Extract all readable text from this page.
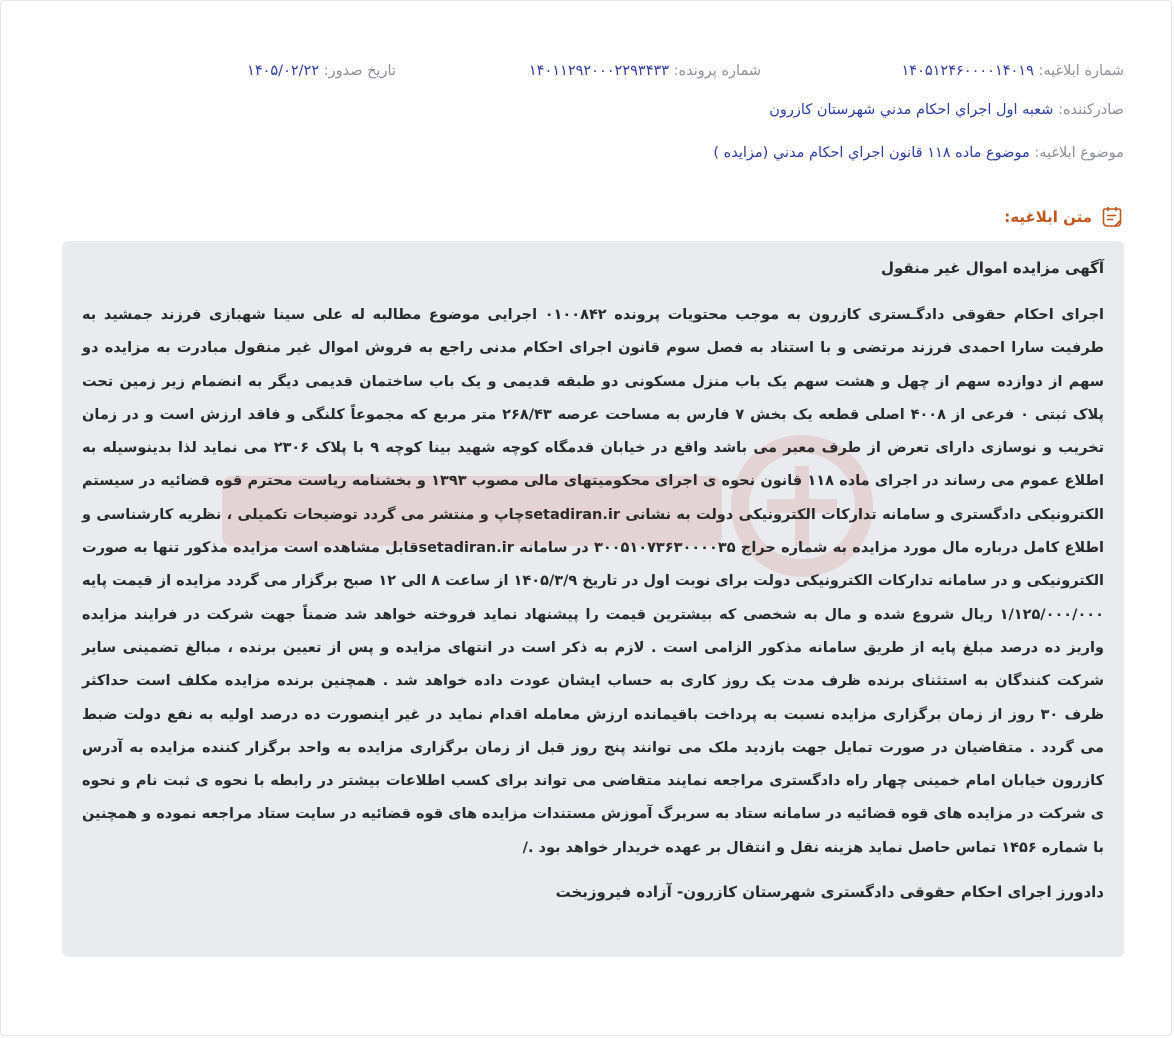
شماره ابلاغيه: ۱۴۰۵۱۲۴۶۰۰۰۰۱۴۰۱۹
شماره پرونده: ۱۴۰۱۱۲۹۲۰۰۰۲۲۹۳۴۳۳
تاریخ صدور: ۱۴۰۵/۰۲/۲۲
صادرکننده: شعبه اول اجراي احكام مدني شهرستان كازرون
موضوع ابلاغيه: موضوع ماده ۱۱۸ قانون اجراي احكام مدني (مزايده )
متن ابلاغیه:
آگهی مزایده اموال غیر منقول

اجرای احکام حقوقی دادگـستری کازرون به موجب محتویات پرونده ۰۱۰۰۸۴۲ اجرایی موضوع مطالبه له علی سینا شهبازی فرزند جمشید به طرفیت سارا احمدی فرزند مرتضی و با استناد به فصل سوم قانون اجرای احکام مدنی راجع به فروش اموال غیر منقول مبادرت به مزایده دو سهم از دوازده سهم از چهل و هشت سهم یک باب منزل مسکونی دو طبقه قدیمی و یک باب ساختمان قدیمی دیگر به انضمام زیر زمین تحت پلاک ثبتی ۰ فرعی از ۴۰۰۸ اصلی قطعه یک بخش ۷ فارس به مساحت عرصه ۲۶۸/۴۳ متر مربع که مجموعاً کلنگی و فاقد ارزش است و در زمان تخریب و نوسازی دارای تعرض از طرف معبر می باشد واقع در خیابان قدمگاه کوچه شهید بینا کوچه ۹ با پلاک ۲۳۰۶ می نماید لذا بدینوسیله به اطلاع عموم می رساند در اجرای ماده ۱۱۸ قانون نحوه ی اجرای محکومیتهای مالی مصوب ۱۳۹۳ و بخشنامه ریاست محترم قوه قضائیه در سیستم الکترونیکی دادگستری و سامانه تدارکات الکترونیکی دولت به نشانی setadiran.irچاپ و منتشر می گردد توضیحات تکمیلی ، نظریه کارشناسی و اطلاع کامل درباره مال مورد مزایده به شماره حراج ۳۰۰۵۱۰۷۳۶۳۰۰۰۰۳۵ در سامانه setadiran.irقابل مشاهده است مزایده مذکور تنها به صورت الکترونیکی و در سامانه تدارکات الکترونیکی دولت برای نوبت اول در تاریخ ۱۴۰۵/۳/۹ از ساعت ۸ الی ۱۲ صبح برگزار می گردد مزایده از قیمت پایه ۱/۱۲۵/۰۰۰/۰۰۰ ریال شروع شده و مال به شخصی که بیشترین قیمت را پیشنهاد نماید فروخته خواهد شد ضمناً جهت شرکت در فرایند مزایده واریز ده درصد مبلغ پایه از طریق سامانه مذکور الزامی است . لازم به ذکر است در انتهای مزایده و پس از تعیین برنده ، مبالغ تضمینی سایر شرکت کنندگان به استثنای برنده ظرف مدت یک روز کاری به حساب ایشان عودت داده خواهد شد . همچنین برنده مزایده مکلف است حداکثر ظرف ۳۰ روز از زمان برگزاری مزایده نسبت به پرداخت باقیمانده ارزش معامله اقدام نماید در غیر اینصورت ده درصد اولیه به نفع دولت ضبط می گردد . متقاضیان در صورت تمایل جهت بازدید ملک می توانند پنج روز قبل از زمان برگزاری مزایده به واحد برگزار کننده مزایده به آدرس کازرون خیابان امام خمینی چهار راه دادگستری مراجعه نمایند متقاضی می تواند برای کسب اطلاعات بیشتر در رابطه با نحوه ی ثبت نام و نحوه ی شرکت در مزایده های قوه قضائیه در سامانه ستاد به سربرگ آموزش مستندات مزایده های قوه قضائیه در سایت ستاد مراجعه نموده و همچنین با شماره ۱۴۵۶ تماس حاصل نماید هزینه نقل و انتقال بر عهده خریدار خواهد بود ./

دادورز اجرای احکام حقوقی دادگستری شهرستان کازرون- آزاده فیروزبخت
